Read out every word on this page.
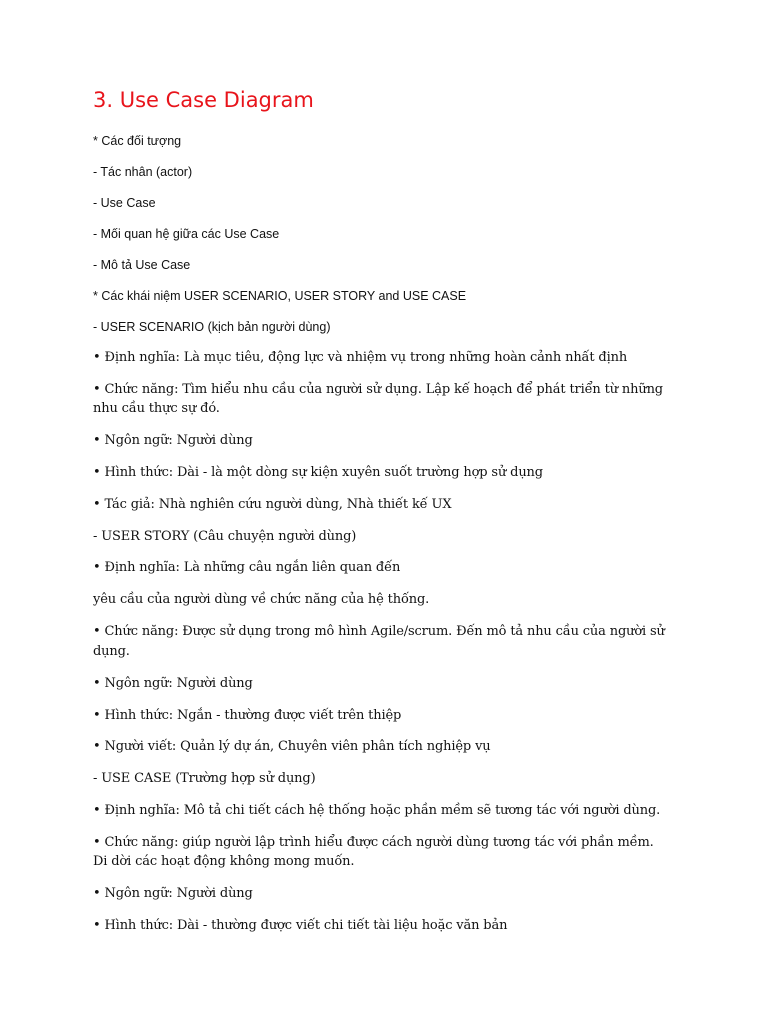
3. Use Case Diagram
* Các đối tượng
- Tác nhân (actor)
- Use Case
- Mối quan hệ giữa các Use Case
- Mô tả Use Case
* Các khái niệm USER SCENARIO, USER STORY and USE CASE
- USER SCENARIO (kịch bản người dùng)
• Định nghĩa: Là mục tiêu, động lực và nhiệm vụ trong những hoàn cảnh nhất định
• Chức năng: Tìm hiểu nhu cầu của người sử dụng. Lập kế hoạch để phát triển từ những
nhu cầu thực sự đó.
• Ngôn ngữ: Người dùng
• Hình thức: Dài - là một dòng sự kiện xuyên suốt trường hợp sử dụng
• Tác giả: Nhà nghiên cứu người dùng, Nhà thiết kế UX
- USER STORY (Câu chuyện người dùng)
• Định nghĩa: Là những câu ngắn liên quan đến
yêu cầu của người dùng về chức năng của hệ thống.
• Chức năng: Được sử dụng trong mô hình Agile/scrum. Đến mô tả nhu cầu của người sử
dụng.
• Ngôn ngữ: Người dùng
• Hình thức: Ngắn - thường được viết trên thiệp
• Người viết: Quản lý dự án, Chuyên viên phân tích nghiệp vụ
- USE CASE (Trường hợp sử dụng)
• Định nghĩa: Mô tả chi tiết cách hệ thống hoặc phần mềm sẽ tương tác với người dùng.
• Chức năng: giúp người lập trình hiểu được cách người dùng tương tác với phần mềm.
Di dời các hoạt động không mong muốn.
• Ngôn ngữ: Người dùng
• Hình thức: Dài - thường được viết chi tiết tài liệu hoặc văn bản
